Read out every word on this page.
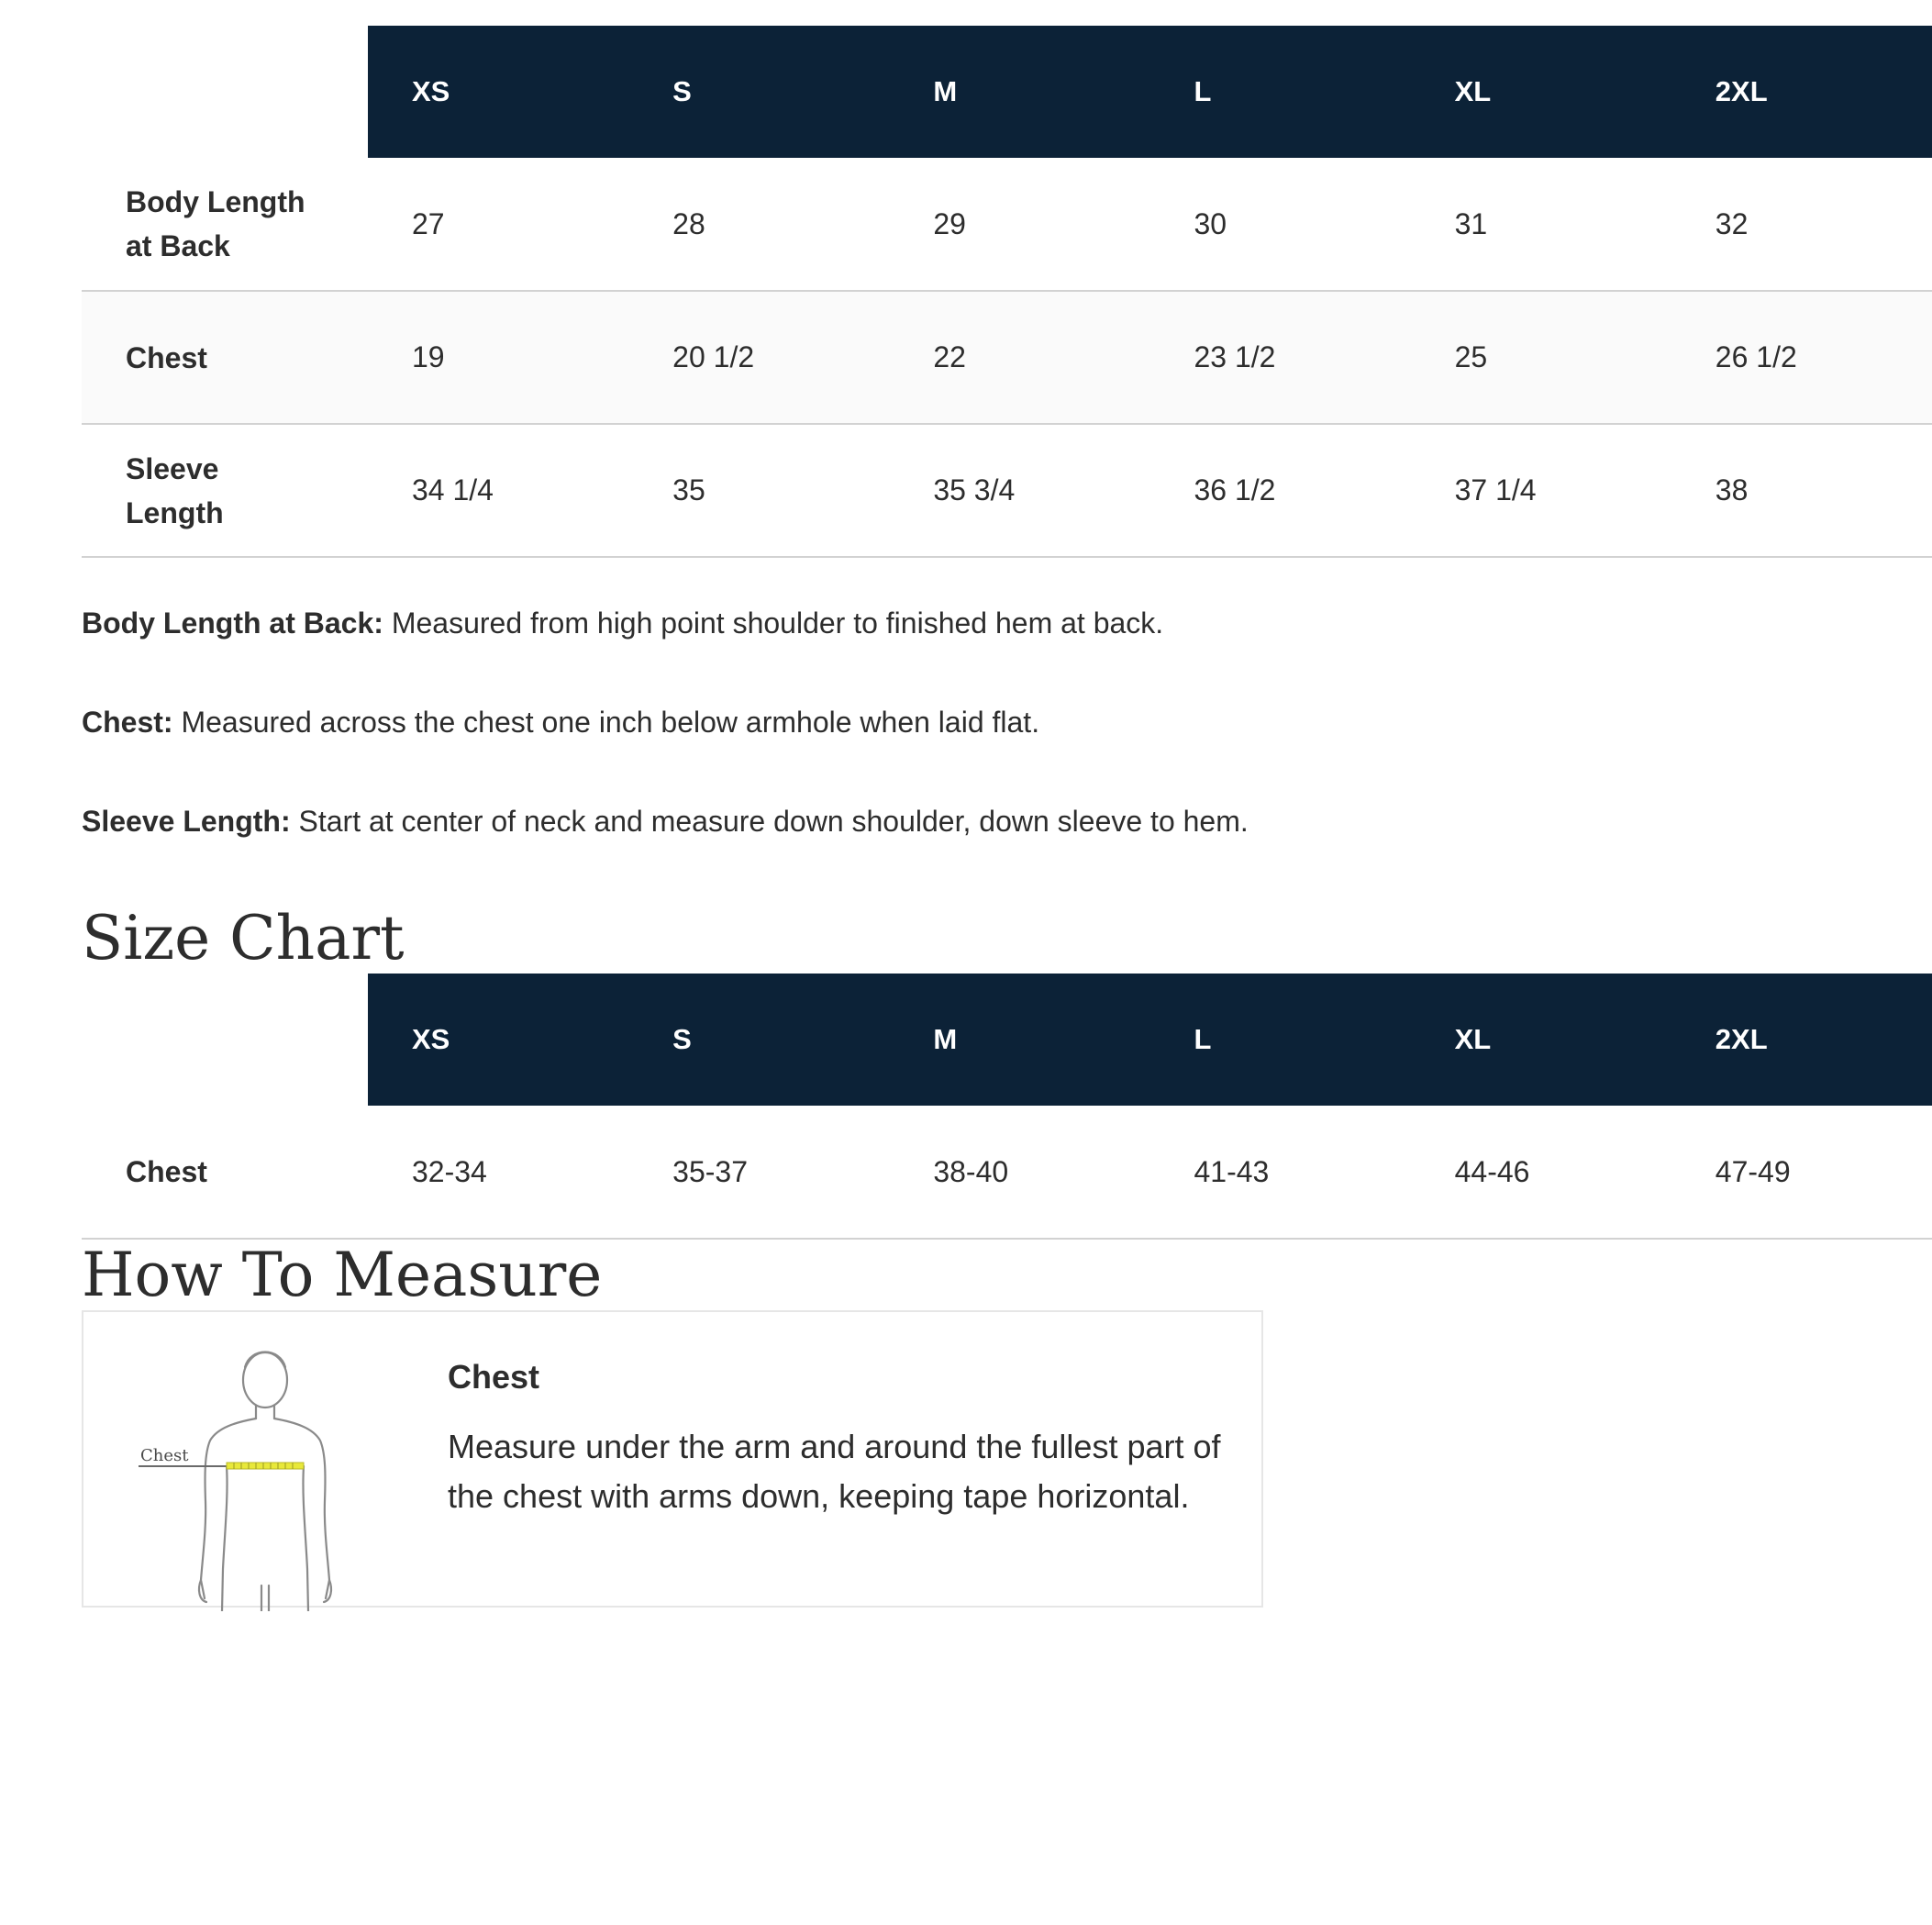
	XS	S	M	L	XL	2XL
Body Length
at Back	27	28	29	30	31	32
Chest	19	20 1/2	22	23 1/2	25	26 1/2
Sleeve
Length	34 1/4	35	35 3/4	36 1/2	37 1/4	38

Body Length at Back: Measured from high point shoulder to finished hem at back.

Chest: Measured across the chest one inch below armhole when laid flat.

Sleeve Length: Start at center of neck and measure down shoulder, down sleeve to hem.

Size Chart
	XS	S	M	L	XL	2XL
Chest	32-34	35-37	38-40	41-43	44-46	47-49
How To Measure
Chest

Chest

Measure under the arm and around the fullest part of the chest with arms down, keeping tape horizontal.
